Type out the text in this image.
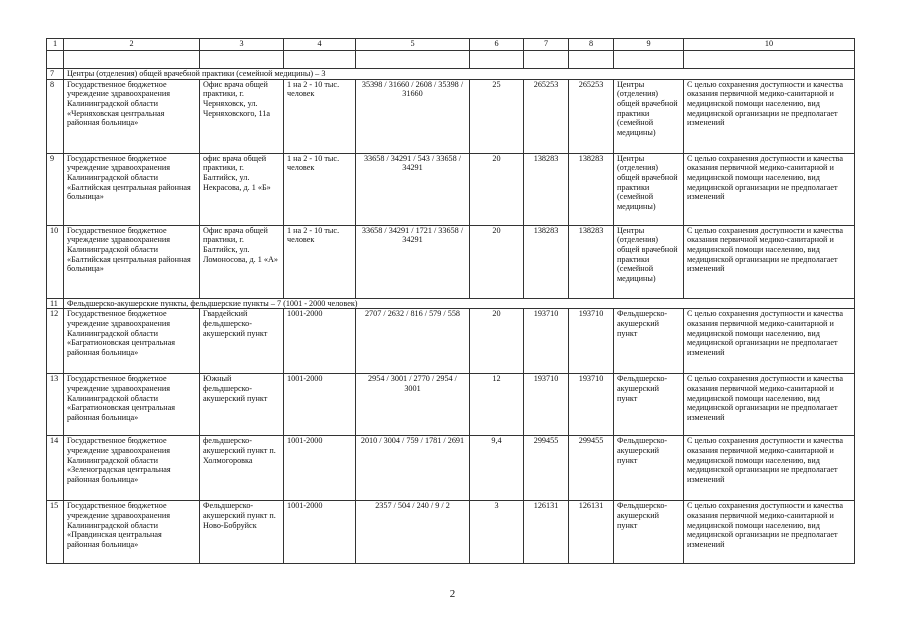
1	2	3	4	5	6	7	8	9	10

7	Центры (отделения) общей врачебной практики (семейной медицины) – 3								
8	Государственное бюджетное учреждение здравоохранения Калининградской области «Черняховская центральная районная больница»	Офис врача общей практики, г. Черняховск, ул. Черняховского, 11а	1 на 2 - 10 тыс. человек	35398 / 31660 / 2608 / 35398 / 31660	25	265253	265253	Центры (отделения) общей врачебной практики (семейной медицины)	С целью сохранения доступности и качества оказания первичной медико-санитарной и медицинской помощи населению, вид медицинской организации не предполагает изменений
9	Государственное бюджетное учреждение здравоохранения Калининградской области «Балтийская центральная районная больница»	офис врача общей практики, г. Балтийск, ул. Некрасова, д. 1 «Б»	1 на 2 - 10 тыс. человек	33658 / 34291 / 543 / 33658 / 34291	20	138283	138283	Центры (отделения) общей врачебной практики (семейной медицины)	С целью сохранения доступности и качества оказания первичной медико-санитарной и медицинской помощи населению, вид медицинской организации не предполагает изменений
10	Государственное бюджетное учреждение здравоохранения Калининградской области «Балтийская центральная районная больница»	Офис врача общей практики, г. Балтийск, ул. Ломоносова, д. 1 «А»	1 на 2 - 10 тыс. человек	33658 / 34291 / 1721 / 33658 / 34291	20	138283	138283	Центры (отделения) общей врачебной практики (семейной медицины)	С целью сохранения доступности и качества оказания первичной медико-санитарной и медицинской помощи населению, вид медицинской организации не предполагает изменений
11	Фельдшерско-акушерские пункты, фельдшерские пункты – 7 (1001 - 2000 человек)								
12	Государственное бюджетное учреждение здравоохранения Калининградской области «Багратионовская центральная районная больница»	Гвардейский фельдшерско-акушерский пункт	1001-2000	2707 / 2632 / 816 / 579 / 558	20	193710	193710	Фельдшерско-акушерский пункт	С целью сохранения доступности и качества оказания первичной медико-санитарной и медицинской помощи населению, вид медицинской организации не предполагает изменений
13	Государственное бюджетное учреждение здравоохранения Калининградской области «Багратионовская центральная районная больница»	Южный фельдшерско-акушерский пункт	1001-2000	2954 / 3001 / 2770 / 2954 / 3001	12	193710	193710	Фельдшерско-акушерский пункт	С целью сохранения доступности и качества оказания первичной медико-санитарной и медицинской помощи населению, вид медицинской организации не предполагает изменений
14	Государственное бюджетное учреждение здравоохранения Калининградской области «Зеленоградская центральная районная больница»	фельдшерско-акушерский пункт п. Холмогоровка	1001-2000	2010 / 3004 / 759 / 1781 / 2691	9,4	299455	299455	Фельдшерско-акушерский пункт	С целью сохранения доступности и качества оказания первичной медико-санитарной и медицинской помощи населению, вид медицинской организации не предполагает изменений
15	Государственное бюджетное учреждение здравоохранения Калининградской области «Правдинская центральная районная больница»	Фельдшерско-акушерский пункт п. Ново-Бобруйск	1001-2000	2357 / 504 / 240 / 9 / 2	3	126131	126131	Фельдшерско-акушерский пункт	С целью сохранения доступности и качества оказания первичной медико-санитарной и медицинской помощи населению, вид медицинской организации не предполагает изменений
2
